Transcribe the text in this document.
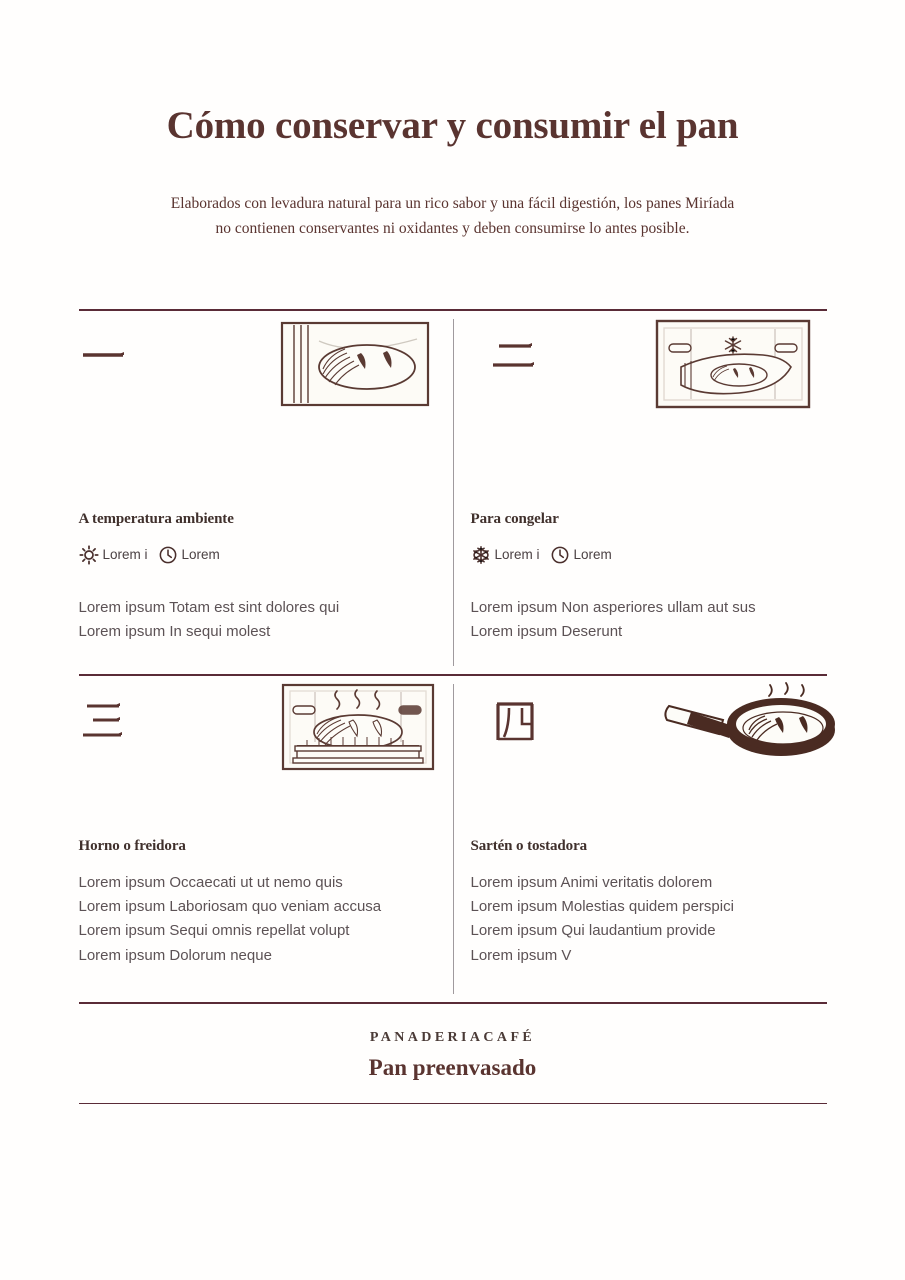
Cómo conservar y consumir el pan
Elaborados con levadura natural para un rico sabor y una fácil digestión, los panes Miríada
no contienen conservantes ni oxidantes y deben consumirse lo antes posible.
A temperatura ambiente
Lorem i	Lorem
Lorem ipsum Totam est sint dolores qui
Lorem ipsum In sequi molest
Para congelar
Lorem i	Lorem
Lorem ipsum Non asperiores ullam aut sus
Lorem ipsum Deserunt
Horno o freidora
Lorem ipsum Occaecati ut ut nemo quis
Lorem ipsum Laboriosam quo veniam accusa
Lorem ipsum Sequi omnis repellat volupt
Lorem ipsum Dolorum neque
Sartén o tostadora
Lorem ipsum Animi veritatis dolorem
Lorem ipsum Molestias quidem perspici
Lorem ipsum Qui laudantium provide
Lorem ipsum V
PANADERIACAFÉ
Pan preenvasado
